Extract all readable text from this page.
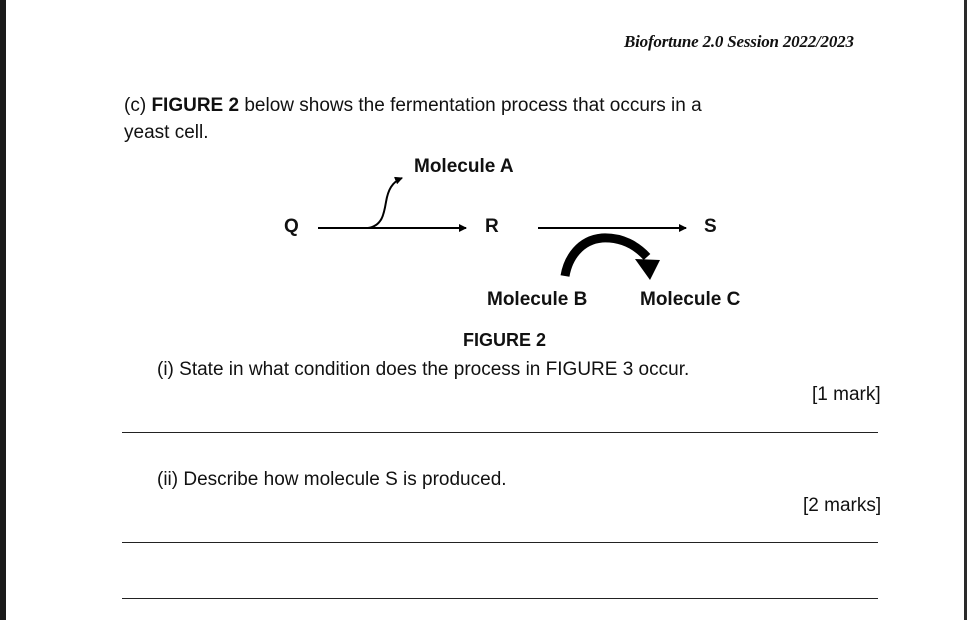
Biofortune 2.0 Session 2022/2023
(c) FIGURE 2 below shows the fermentation process that occurs in a
yeast cell.
Molecule A
Q	R	S
Molecule B	Molecule C
FIGURE 2
(i) State in what condition does the process in FIGURE 3 occur.
[1 mark]
(ii) Describe how molecule S is produced.
[2 marks]
